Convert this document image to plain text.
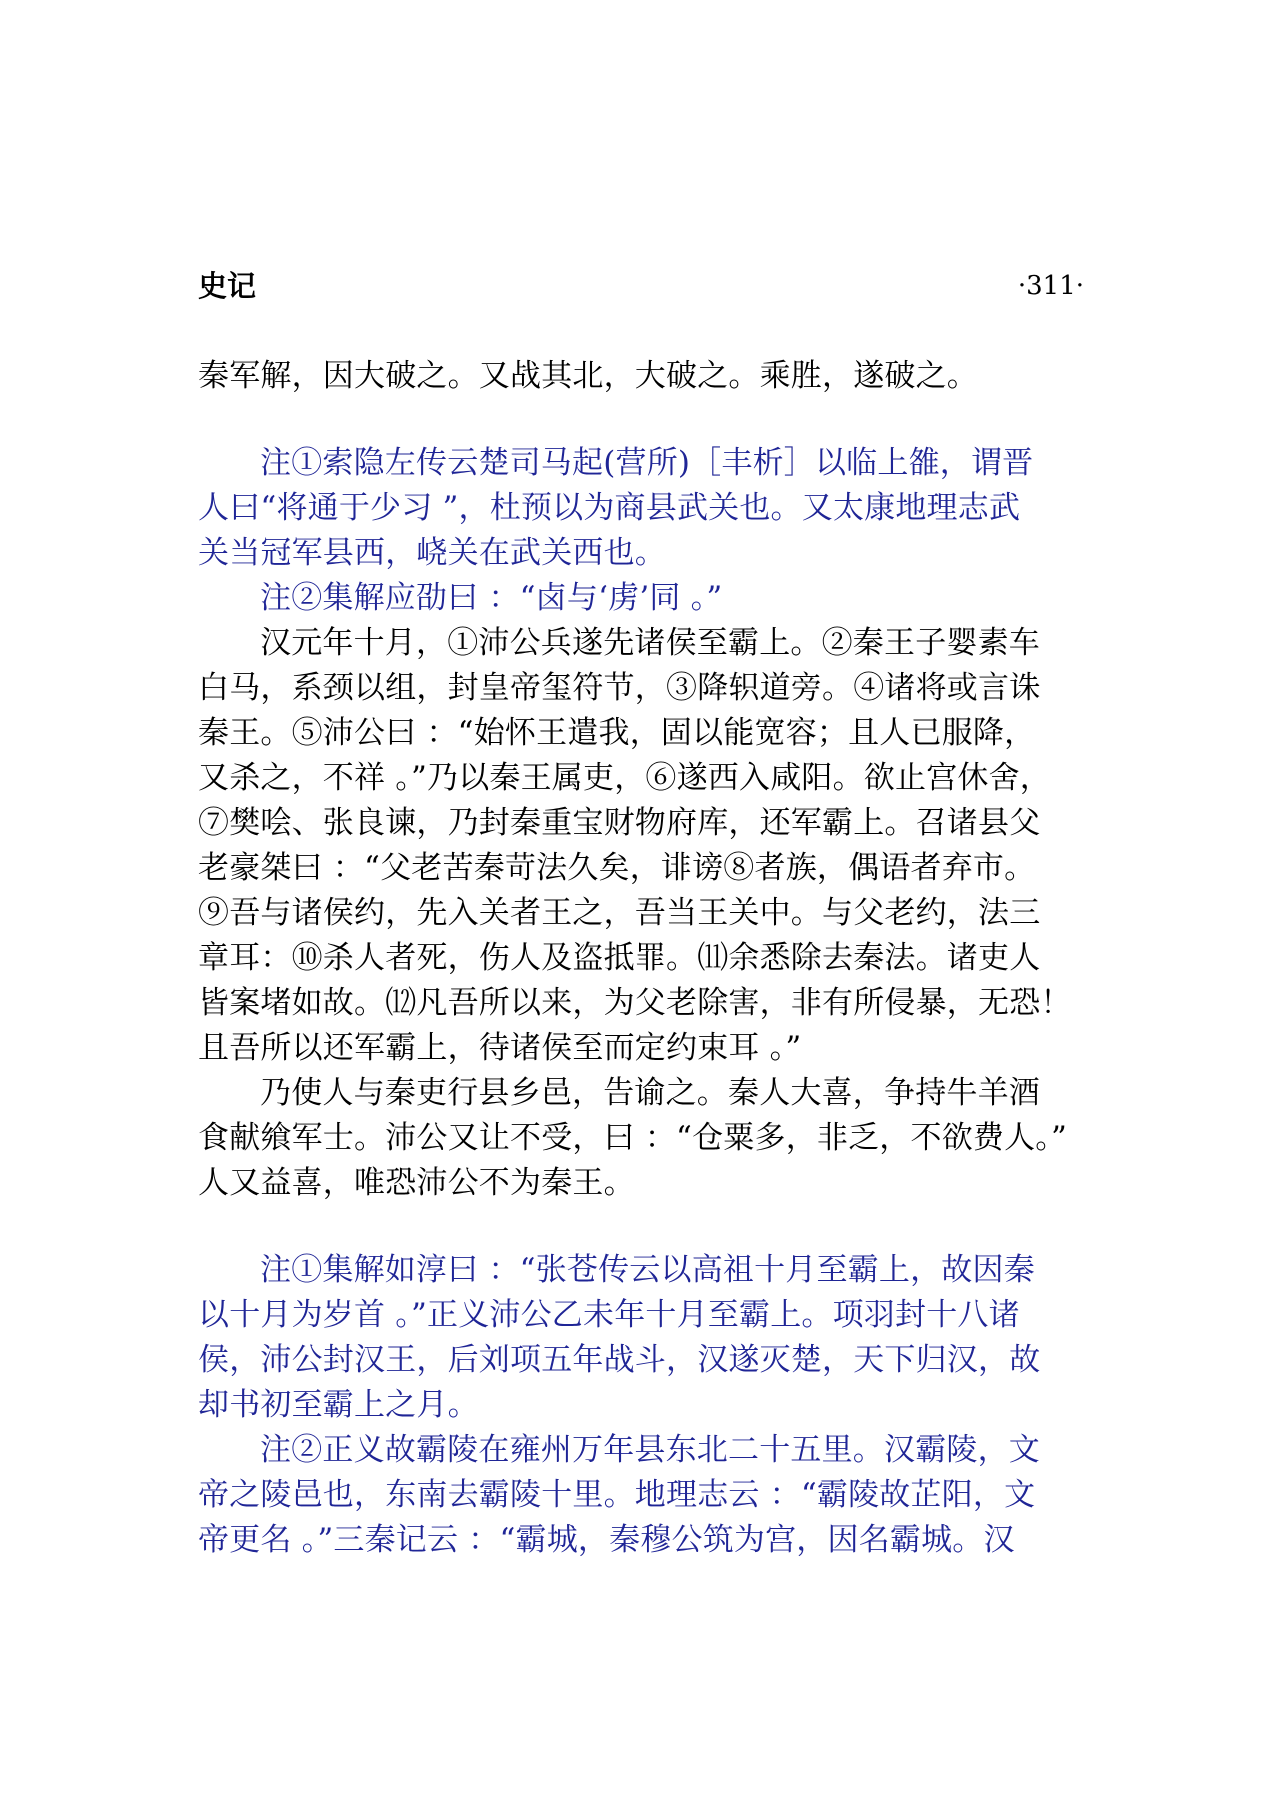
史记	·311·
秦军解，因大破之。又战其北，大破之。乘胜，遂破之。
注①索隐左传云楚司马起(营所)［丰析］以临上雒，谓晋
人曰“将通于少习 ”，杜预以为商县武关也。又太康地理志武
关当冠军县西，峣关在武关西也。
注②集解应劭曰 ：“卤与‘虏’同 。”
汉元年十月，①沛公兵遂先诸侯至霸上。②秦王子婴素车
白马，系颈以组，封皇帝玺符节，③降轵道旁。④诸将或言诛
秦王。⑤沛公曰 ：“始怀王遣我，固以能宽容；且人已服降，
又杀之，不祥 。”乃以秦王属吏，⑥遂西入咸阳。欲止宫休舍，
⑦樊哙、张良谏，乃封秦重宝财物府库，还军霸上。召诸县父
老豪桀曰 ：“父老苦秦苛法久矣，诽谤⑧者族，偶语者弃市。
⑨吾与诸侯约，先入关者王之，吾当王关中。与父老约，法三
章耳：⑩杀人者死，伤人及盗抵罪。⑾余悉除去秦法。诸吏人
皆案堵如故。⑿凡吾所以来，为父老除害，非有所侵暴，无恐！
且吾所以还军霸上，待诸侯至而定约束耳 。”
乃使人与秦吏行县乡邑，告谕之。秦人大喜，争持牛羊酒
食献飨军士。沛公又让不受，曰 ：“仓粟多，非乏，不欲费人。”
人又益喜，唯恐沛公不为秦王。
注①集解如淳曰 ：“张苍传云以高祖十月至霸上，故因秦
以十月为岁首 。”正义沛公乙未年十月至霸上。项羽封十八诸
侯，沛公封汉王，后刘项五年战斗，汉遂灭楚，天下归汉，故
却书初至霸上之月。
注②正义故霸陵在雍州万年县东北二十五里。汉霸陵，文
帝之陵邑也，东南去霸陵十里。地理志云 ：“霸陵故芷阳，文
帝更名 。”三秦记云 ：“霸城，秦穆公筑为宫，因名霸城。汉
